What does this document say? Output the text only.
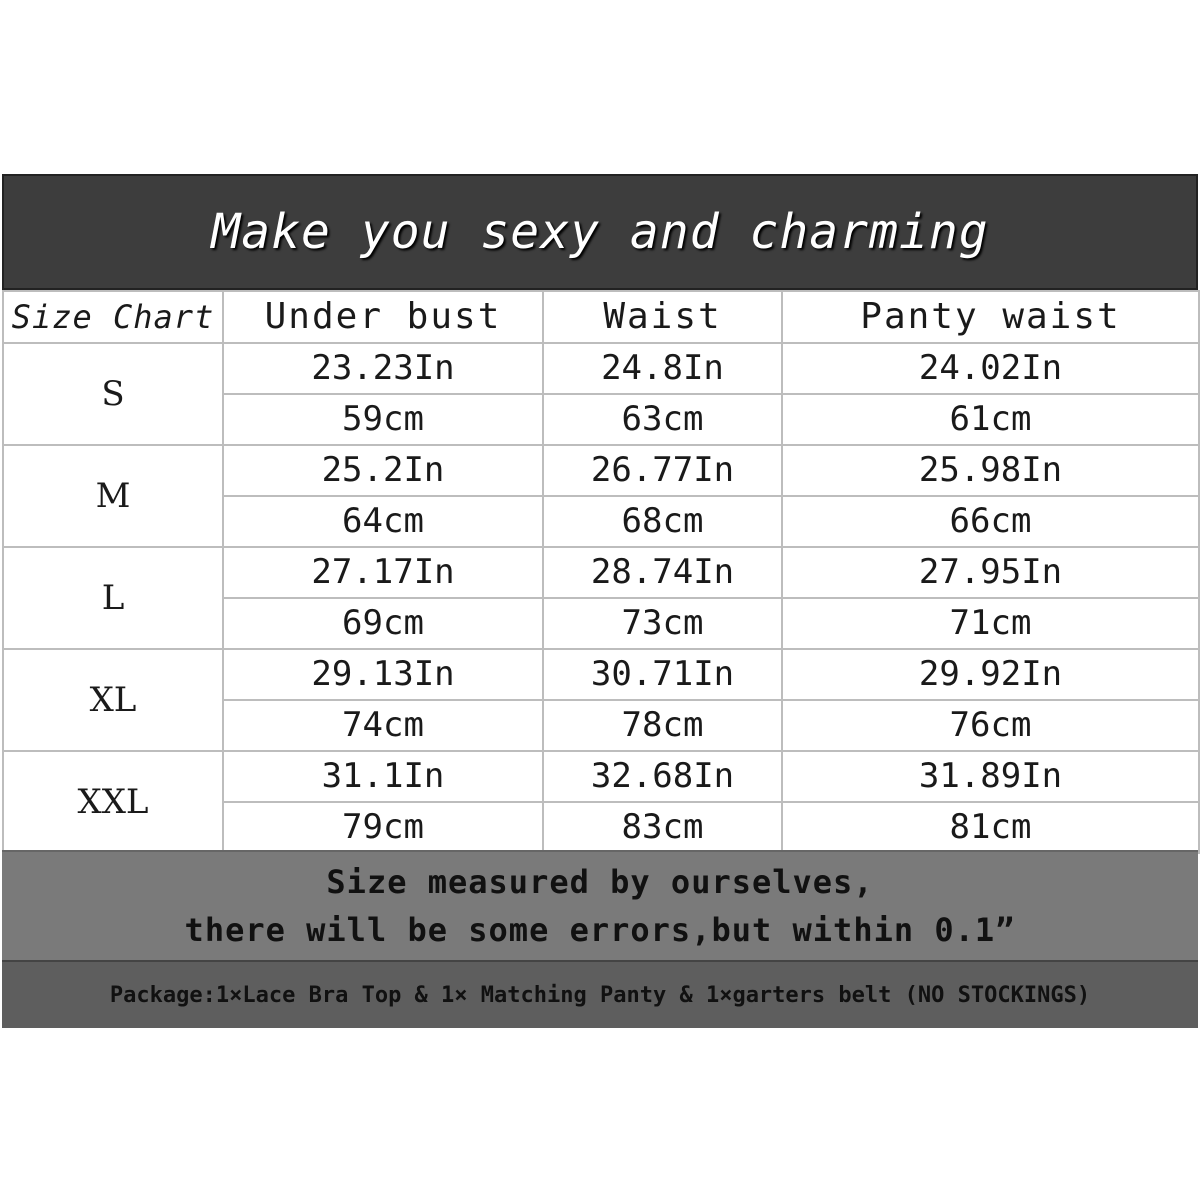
Make you sexy and charming
Size Chart	Under bust	Waist	Panty waist
S	23.23In	24.8In	24.02In
	59cm	63cm	61cm
M	25.2In	26.77In	25.98In
	64cm	68cm	66cm
L	27.17In	28.74In	27.95In
	69cm	73cm	71cm
XL	29.13In	30.71In	29.92In
	74cm	78cm	76cm
XXL	31.1In	32.68In	31.89In
	79cm	83cm	81cm
Size measured by ourselves,
there will be some errors,but within 0.1”
Package:1×Lace Bra Top & 1× Matching Panty & 1×garters belt (NO STOCKINGS)
